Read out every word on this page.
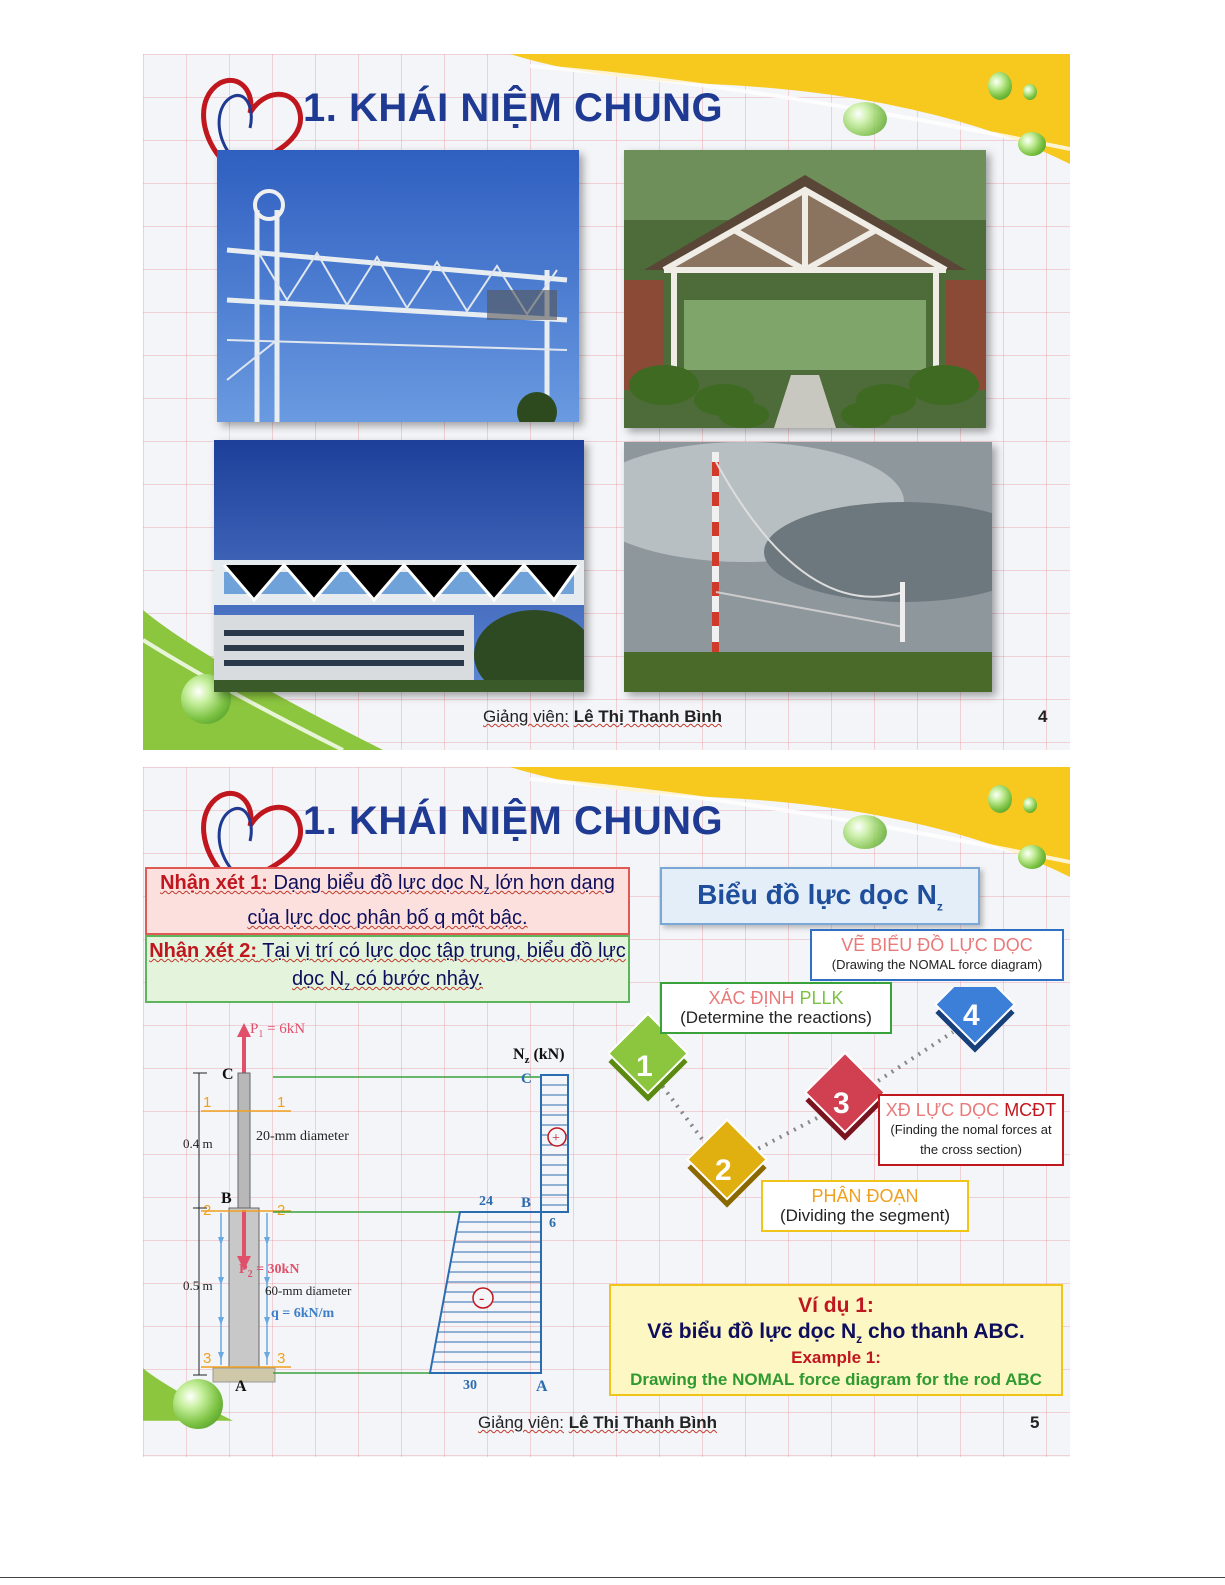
1. KHÁI NIỆM CHUNG
Giảng viên: Lê Thị Thanh Bình	4
1. KHÁI NIỆM CHUNG
Nhận xét 1: Dạng biểu đồ lực dọc $N_z$ lớn hơn dạng của lực dọc phân bố q một bậc.
Nhận xét 2: Tại vị trí có lực dọc tập trung, biểu đồ lực dọc $N_z$ có bước nhảy.
Biểu đồ lực dọc $N_z$
1
2
3
4
XÁC ĐỊNH PLLK
(Determine the reactions)
PHÂN ĐOẠN
(Dividing the segment)
XĐ LỰC DỌC MCĐT
(Finding the nomal forces at the cross section)
VẼ BIỂU ĐỒ LỰC DỌC
(Drawing the NOMAL force diagram)
Ví dụ 1:
Vẽ biểu đồ lực dọc $N_z$ cho thanh ABC.
Example 1:
Drawing the NOMAL force diagram for the rod ABC
$P_1 = 6kN$
$P_2 = 30kN$
q = 6kN/m
20-mm diameter
60-mm diameter
0.4 m
0.5 m
C
B
A
1	1
2	2
3	3
$N_z$ (kN)
C
B
A
+
-
24
6
30
Giảng viên: Lê Thị Thanh Bình	5
